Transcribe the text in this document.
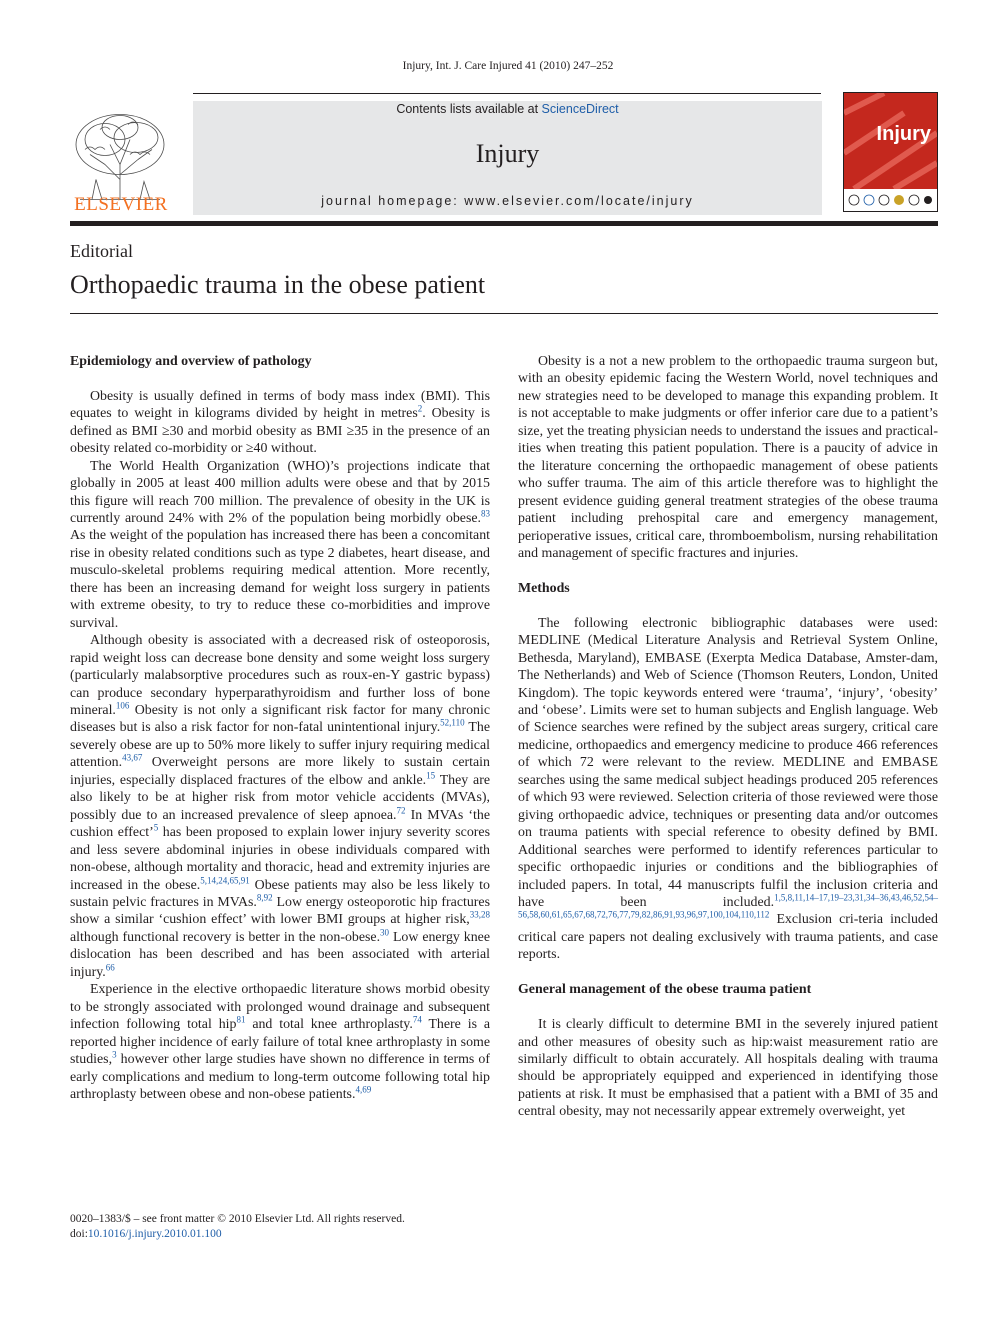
Injury, Int. J. Care Injured 41 (2010) 247–252
ELSEVIER
Contents lists available at ScienceDirect
Injury
journal homepage: www.elsevier.com/locate/injury
Injury
Editorial
Orthopaedic trauma in the obese patient
Epidemiology and overview of pathology

Obesity is usually defined in terms of body mass index (BMI). This equates to weight in kilograms divided by height in metres$^2$. Obesity is defined as BMI ≥30 and morbid obesity as BMI ≥35 in the presence of an obesity related co-morbidity or ≥40 without.

The World Health Organization (WHO)’s projections indicate that globally in 2005 at least 400 million adults were obese and that by 2015 this figure will reach 700 million. The prevalence of obesity in the UK is currently around 24% with 2% of the population being morbidly obese.$^{83}$ As the weight of the population has increased there has been a concomitant rise in obesity related conditions such as type 2 diabetes, heart disease, and musculo-skeletal problems requiring medical attention. More recently, there has been an increasing demand for weight loss surgery in patients with extreme obesity, to try to reduce these co-morbidities and improve survival.

Although obesity is associated with a decreased risk of osteoporosis, rapid weight loss can decrease bone density and some weight loss surgery (particularly malabsorptive procedures such as roux-en-Y gastric bypass) can produce secondary hyperparathyroidism and further loss of bone mineral.$^{106}$ Obesity is not only a significant risk factor for many chronic diseases but is also a risk factor for non-fatal unintentional injury.$^{52,110}$ The severely obese are up to 50% more likely to suffer injury requiring medical attention.$^{43,67}$ Overweight persons are more likely to sustain certain injuries, especially displaced fractures of the elbow and ankle.$^{15}$ They are also likely to be at higher risk from motor vehicle accidents (MVAs), possibly due to an increased prevalence of sleep apnoea.$^{72}$ In MVAs ‘the cushion effect’$^5$ has been proposed to explain lower injury severity scores and less severe abdominal injuries in obese individuals compared with non-obese, although mortality and thoracic, head and extremity injuries are increased in the obese.$^{5,14,24,65,91}$ Obese patients may also be less likely to sustain pelvic fractures in MVAs.$^{8,92}$ Low energy osteoporotic hip fractures show a similar ‘cushion effect’ with lower BMI groups at higher risk,$^{33,28}$ although functional recovery is better in the non-obese.$^{30}$ Low energy knee dislocation has been described and has been associated with arterial injury.$^{66}$

Experience in the elective orthopaedic literature shows morbid obesity to be strongly associated with prolonged wound drainage and subsequent infection following total hip$^{81}$ and total knee arthroplasty.$^{74}$ There is a reported higher incidence of early failure of total knee arthroplasty in some studies,$^3$ however other large studies have shown no difference in terms of early complications and medium to long-term outcome following total hip arthroplasty between obese and non-obese patients.$^{4,69}$

Obesity is a not a new problem to the orthopaedic trauma surgeon but, with an obesity epidemic facing the Western World, novel techniques and new strategies need to be developed to manage this expanding problem. It is not acceptable to make judgments or offer inferior care due to a patient’s size, yet the treating physician needs to understand the issues and practical-ities when treating this patient population. There is a paucity of advice in the literature concerning the orthopaedic management of obese patients who suffer trauma. The aim of this article therefore was to highlight the present evidence guiding general treatment strategies of the obese trauma patient including prehospital care and emergency management, perioperative issues, critical care, thromboembolism, nursing rehabilitation and management of specific fractures and injuries.

Methods

The following electronic bibliographic databases were used: MEDLINE (Medical Literature Analysis and Retrieval System Online, Bethesda, Maryland), EMBASE (Exerpta Medica Database, Amster-dam, The Netherlands) and Web of Science (Thomson Reuters, London, United Kingdom). The topic keywords entered were ‘trauma’, ‘injury’, ‘obesity’ and ‘obese’. Limits were set to human subjects and English language. Web of Science searches were refined by the subject areas surgery, critical care medicine, orthopaedics and emergency medicine to produce 466 references of which 72 were relevant to the review. MEDLINE and EMBASE searches using the same medical subject headings produced 205 references of which 93 were reviewed. Selection criteria of those reviewed were those giving orthopaedic advice, techniques or presenting data and/or outcomes on trauma patients with special reference to obesity defined by BMI. Additional searches were performed to identify references particular to specific orthopaedic injuries or conditions and the bibliographies of included papers. In total, 44 manuscripts fulfil the inclusion criteria and have been included.$^{1,5,8,11,14-17,19-23,31,34-36,43,46,52,54-56,58,60,61,65,67,68,72,76,77,79,82,86,91,93,96,97,100,104,110,112}$ Exclusion cri-teria included critical care papers not dealing exclusively with trauma patients, and case reports.

General management of the obese trauma patient

It is clearly difficult to determine BMI in the severely injured patient and other measures of obesity such as hip:waist measurement ratio are similarly difficult to obtain accurately. All hospitals dealing with trauma should be appropriately equipped and experienced in identifying those patients at risk. It must be emphasised that a patient with a BMI of 35 and central obesity, may not necessarily appear extremely overweight, yet

0020–1383/$ – see front matter © 2010 Elsevier Ltd. All rights reserved.
doi:10.1016/j.injury.2010.01.100
